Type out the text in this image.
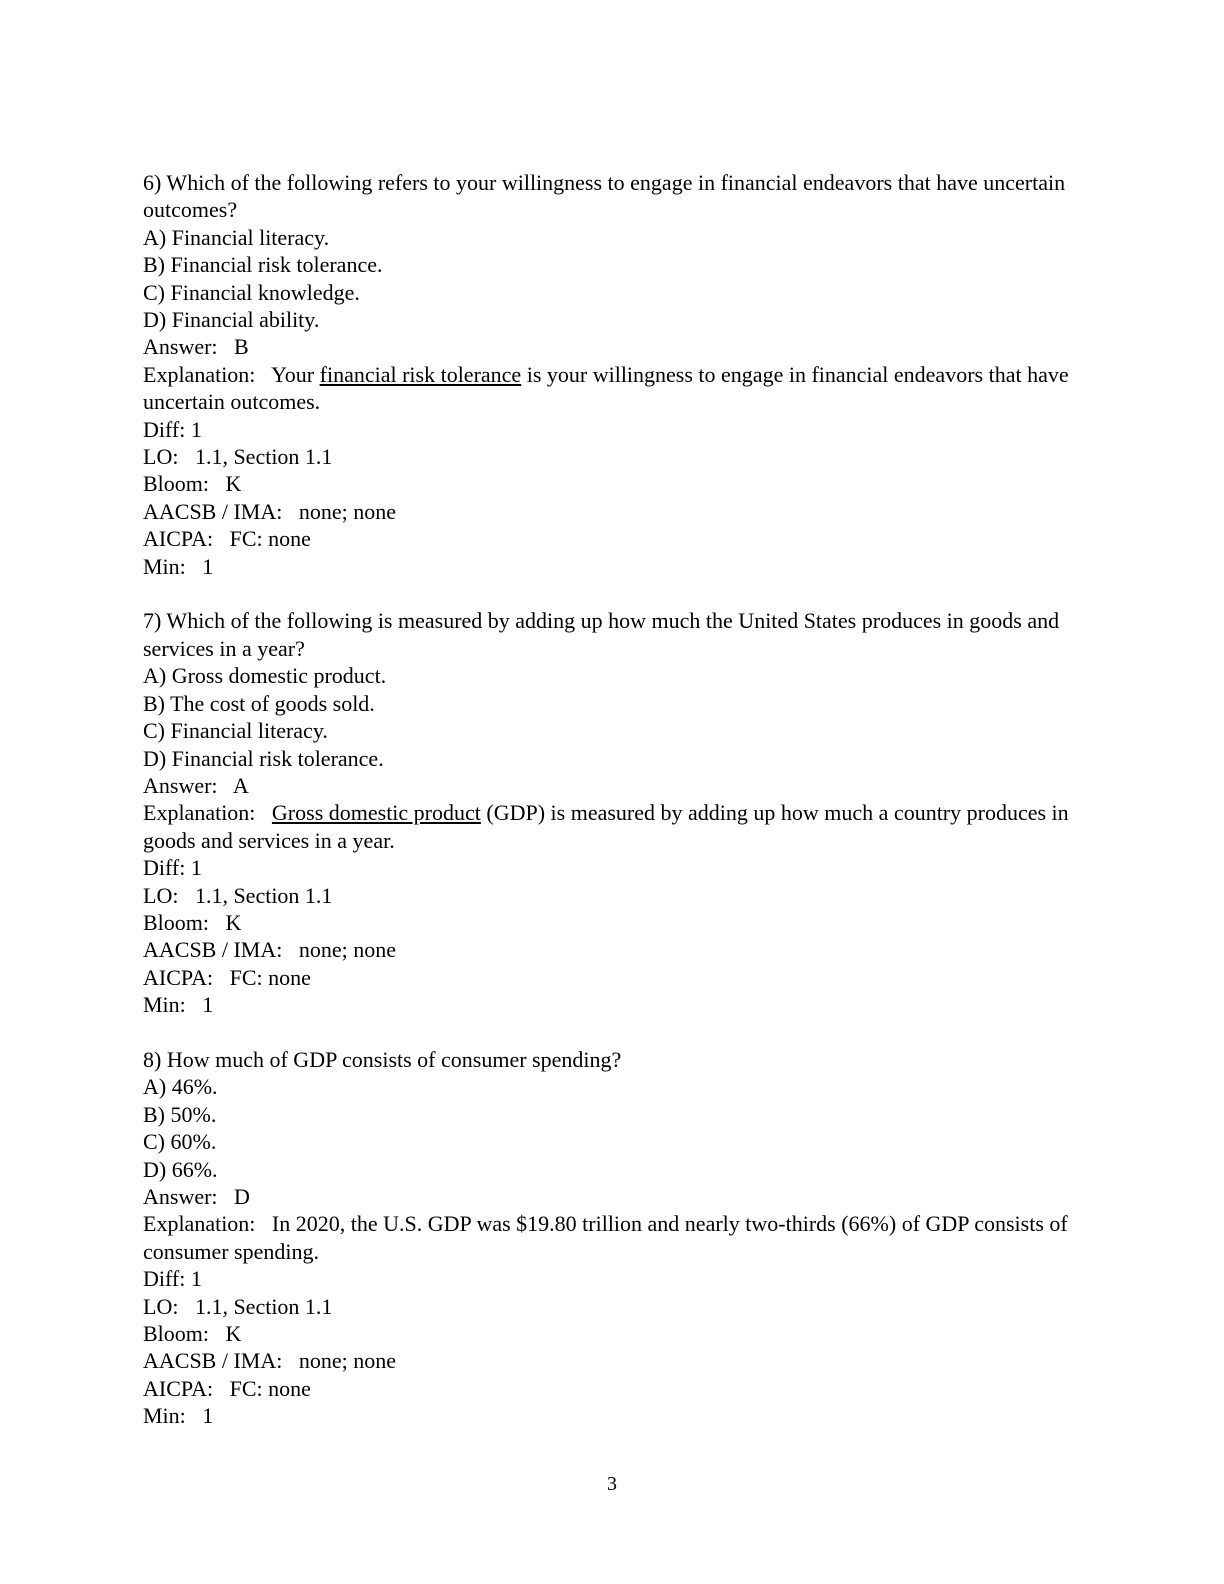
6) Which of the following refers to your willingness to engage in financial endeavors that have uncertain outcomes?
A) Financial literacy.
B) Financial risk tolerance.
C) Financial knowledge.
D) Financial ability.
Answer: B
Explanation: Your financial risk tolerance is your willingness to engage in financial endeavors that have uncertain outcomes.
Diff: 1
LO:   1.1, Section 1.1
Bloom:   K
AACSB / IMA:   none; none
AICPA:   FC: none
Min:   1
7) Which of the following is measured by adding up how much the United States produces in goods and services in a year?
A) Gross domestic product.
B) The cost of goods sold.
C) Financial literacy.
D) Financial risk tolerance.
Answer: A
Explanation: Gross domestic product (GDP) is measured by adding up how much a country produces in goods and services in a year.
Diff: 1
LO:   1.1, Section 1.1
Bloom:   K
AACSB / IMA:   none; none
AICPA:   FC: none
Min:   1
8) How much of GDP consists of consumer spending?
A) 46%.
B) 50%.
C) 60%.
D) 66%.
Answer: D
Explanation: In 2020, the U.S. GDP was $19.80 trillion and nearly two-thirds (66%) of GDP consists of consumer spending.
Diff: 1
LO:   1.1, Section 1.1
Bloom:   K
AACSB / IMA:   none; none
AICPA:   FC: none
Min:   1
3
